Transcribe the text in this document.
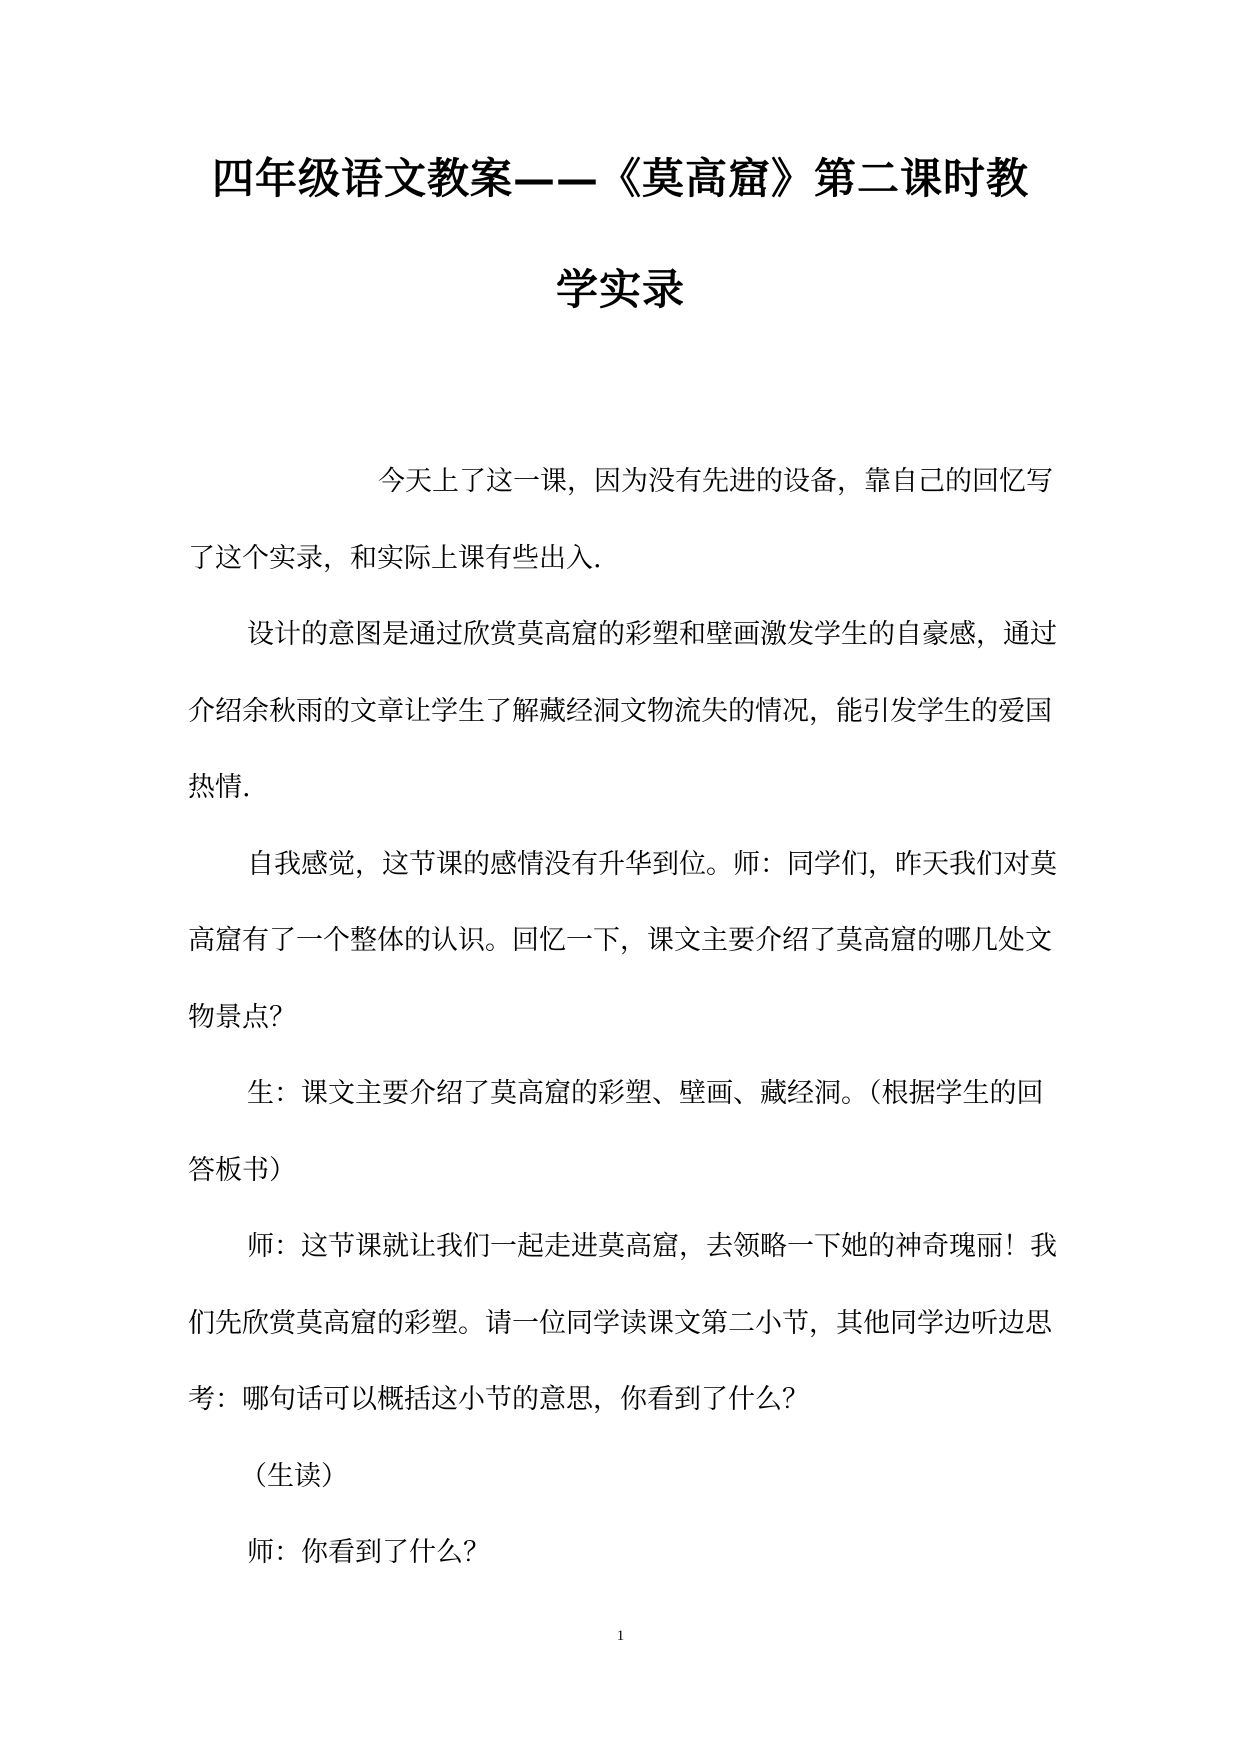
四年级语文教案——《莫高窟》第二课时教
学实录

今天上了这一课，因为没有先进的设备，靠自己的回忆写了这个实录，和实际上课有些出入.

设计的意图是通过欣赏莫高窟的彩塑和壁画激发学生的自豪感，通过介绍余秋雨的文章让学生了解藏经洞文物流失的情况，能引发学生的爱国热情.

自我感觉，这节课的感情没有升华到位。师：同学们，昨天我们对莫高窟有了一个整体的认识。回忆一下，课文主要介绍了莫高窟的哪几处文物景点？

生：课文主要介绍了莫高窟的彩塑、壁画、藏经洞。（根据学生的回答板书）

师：这节课就让我们一起走进莫高窟，去领略一下她的神奇瑰丽！我们先欣赏莫高窟的彩塑。请一位同学读课文第二小节，其他同学边听边思考：哪句话可以概括这小节的意思，你看到了什么？

（生读）

师：你看到了什么？

1
